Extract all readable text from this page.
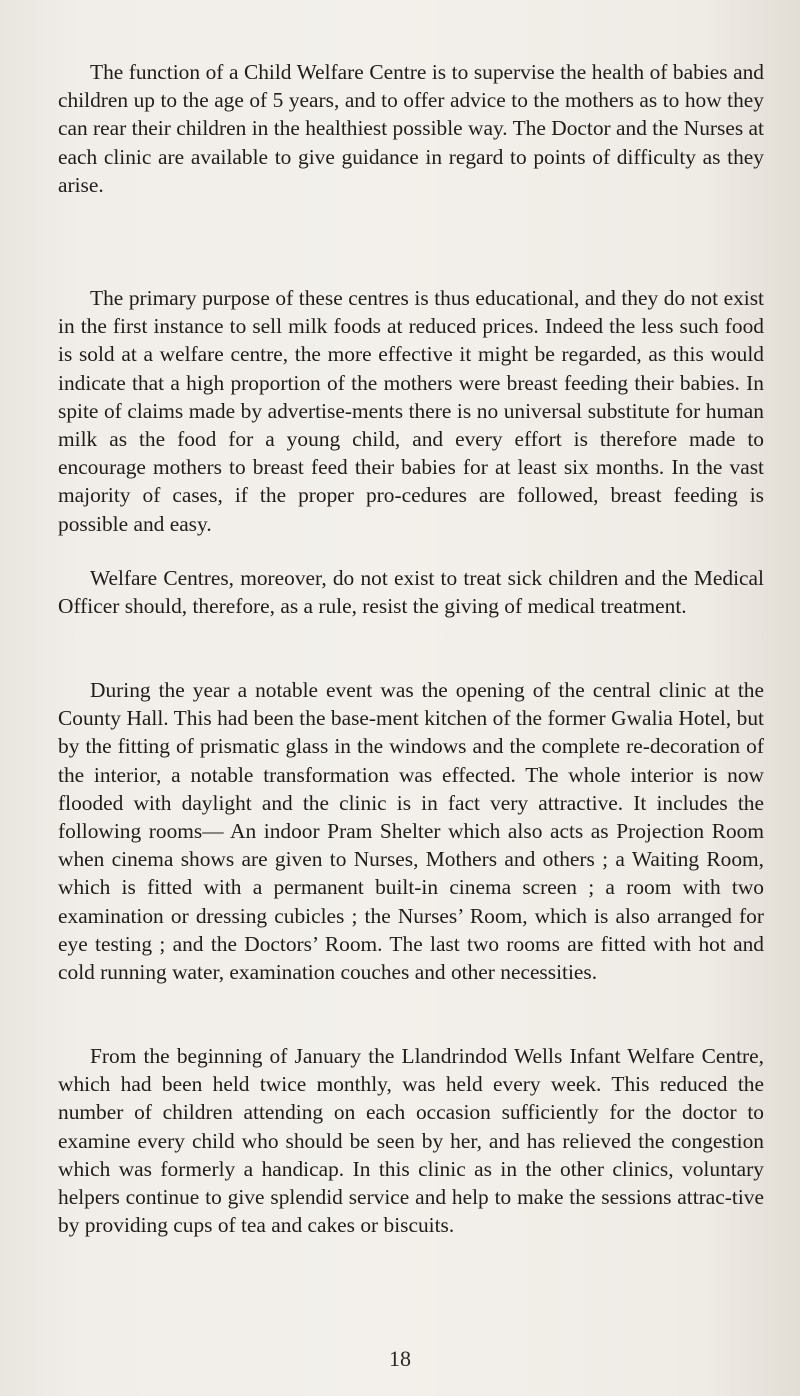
The function of a Child Welfare Centre is to supervise the health of babies and children up to the age of 5 years, and to offer advice to the mothers as to how they can rear their children in the healthiest possible way. The Doctor and the Nurses at each clinic are available to give guidance in regard to points of difficulty as they arise.

The primary purpose of these centres is thus educational, and they do not exist in the first instance to sell milk foods at reduced prices. Indeed the less such food is sold at a welfare centre, the more effective it might be regarded, as this would indicate that a high proportion of the mothers were breast feeding their babies. In spite of claims made by advertise-ments there is no universal substitute for human milk as the food for a young child, and every effort is therefore made to encourage mothers to breast feed their babies for at least six months. In the vast majority of cases, if the proper pro-cedures are followed, breast feeding is possible and easy.

Welfare Centres, moreover, do not exist to treat sick children and the Medical Officer should, therefore, as a rule, resist the giving of medical treatment.

During the year a notable event was the opening of the central clinic at the County Hall. This had been the base-ment kitchen of the former Gwalia Hotel, but by the fitting of prismatic glass in the windows and the complete re-decoration of the interior, a notable transformation was effected. The whole interior is now flooded with daylight and the clinic is in fact very attractive. It includes the following rooms— An indoor Pram Shelter which also acts as Projection Room when cinema shows are given to Nurses, Mothers and others ; a Waiting Room, which is fitted with a permanent built-in cinema screen ; a room with two examination or dressing cubicles ; the Nurses’ Room, which is also arranged for eye testing ; and the Doctors’ Room. The last two rooms are fitted with hot and cold running water, examination couches and other necessities.

From the beginning of January the Llandrindod Wells Infant Welfare Centre, which had been held twice monthly, was held every week. This reduced the number of children attending on each occasion sufficiently for the doctor to examine every child who should be seen by her, and has relieved the congestion which was formerly a handicap. In this clinic as in the other clinics, voluntary helpers continue to give splendid service and help to make the sessions attrac-tive by providing cups of tea and cakes or biscuits.

18
